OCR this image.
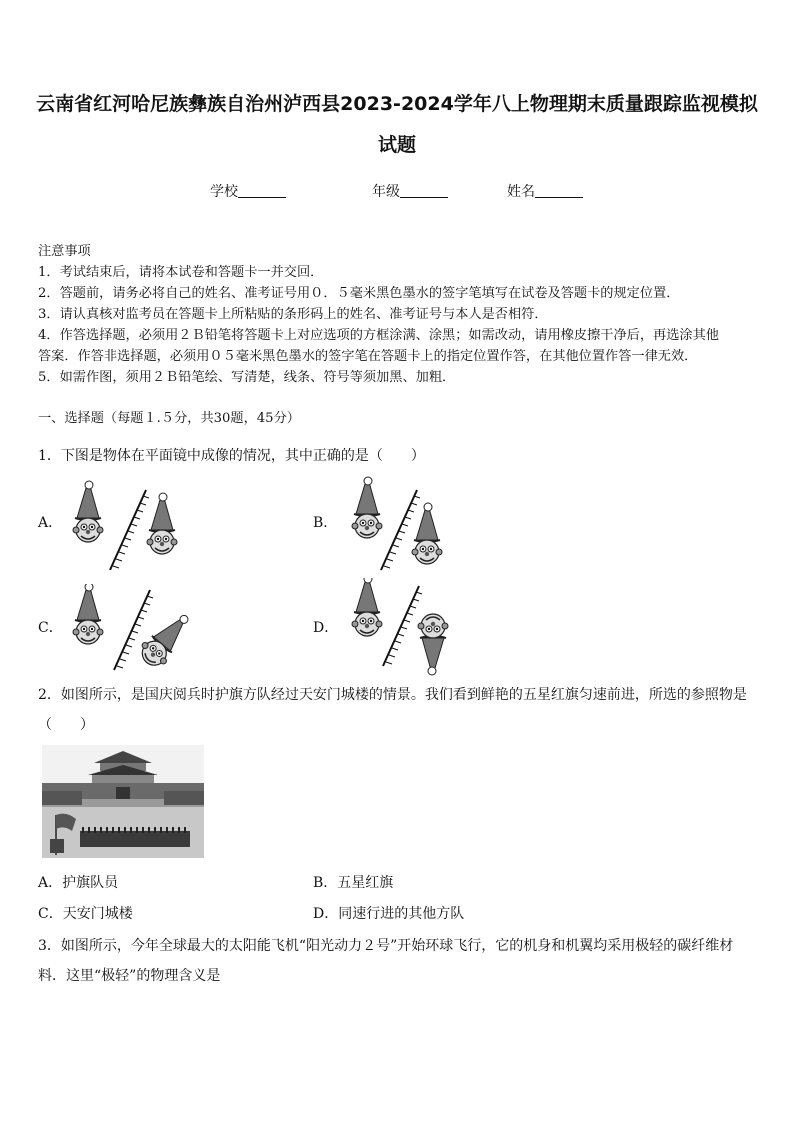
云南省红河哈尼族彝族自治州泸西县2023-2024学年八上物理期末质量跟踪监视模拟
试题
学校	年级	姓名
注意事项
1．考试结束后，请将本试卷和答题卡一并交回．
2．答题前，请务必将自己的姓名、准考证号用０．５毫米黑色墨水的签字笔填写在试卷及答题卡的规定位置．
3．请认真核对监考员在答题卡上所粘贴的条形码上的姓名、准考证号与本人是否相符．
4．作答选择题，必须用２Ｂ铅笔将答题卡上对应选项的方框涂满、涂黑；如需改动，请用橡皮擦干净后，再选涂其他
答案．作答非选择题，必须用０５毫米黑色墨水的签字笔在答题卡上的指定位置作答，在其他位置作答一律无效．
5．如需作图，须用２Ｂ铅笔绘、写清楚，线条、符号等须加黑、加粗．
一、选择题（每题１.５分，共30题，45分）
1．下图是物体在平面镜中成像的情况，其中正确的是（　　）
A．	B．
C．	D．
2．如图所示，是国庆阅兵时护旗方队经过天安门城楼的情景。我们看到鲜艳的五星红旗匀速前进，所选的参照物是
（　　）
A．护旗队员	B．五星红旗
C．天安门城楼	D．同速行进的其他方队
3．如图所示，今年全球最大的太阳能飞机“阳光动力２号”开始环球飞行，它的机身和机翼均采用极轻的碳纤维材
料．这里“极轻”的物理含义是
